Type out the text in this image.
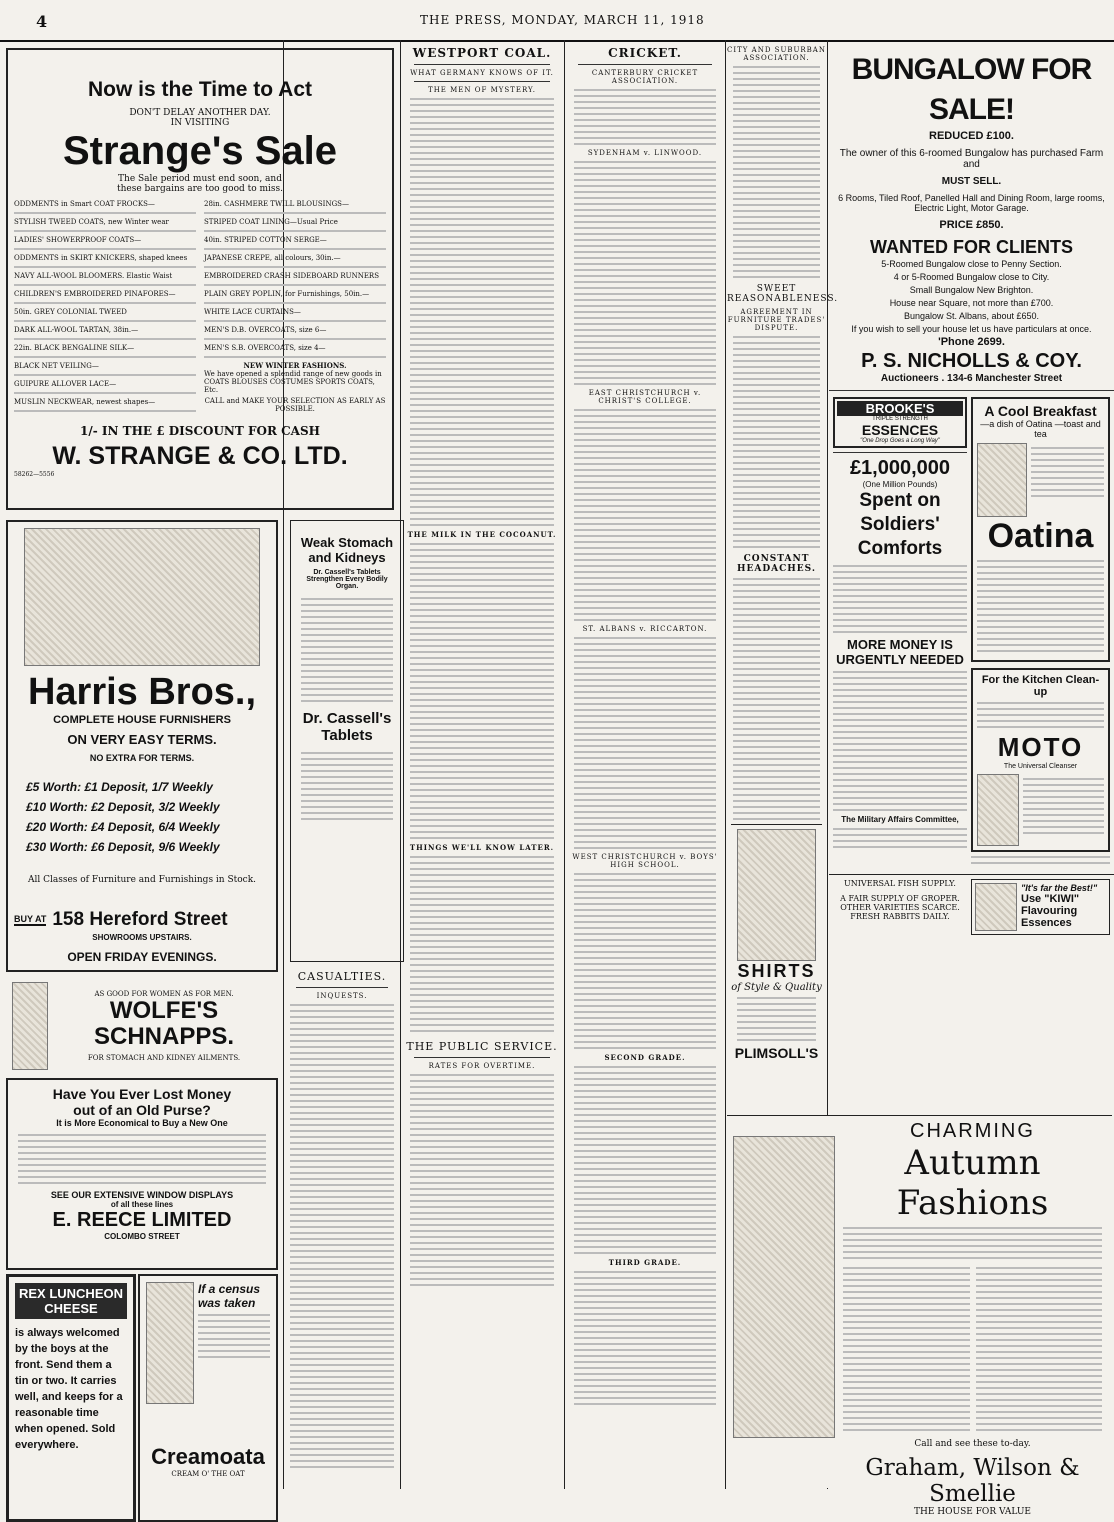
4	THE PRESS, MONDAY, MARCH 11, 1918
Now is the Time to Act
DON'T DELAY ANOTHER DAY.
IN VISITING
Strange's Sale
The Sale period must end soon, and
these bargains are too good to miss.
ODDMENTS in Smart COAT FROCKS—
STYLISH TWEED COATS, new Winter wear
LADIES' SHOWERPROOF COATS—
ODDMENTS in SKIRT KNICKERS, shaped knees
NAVY ALL-WOOL BLOOMERS. Elastic Waist
CHILDREN'S EMBROIDERED PINAFORES—
50in. GREY COLONIAL TWEED
DARK ALL-WOOL TARTAN, 38in.—
22in. BLACK BENGALINE SILK—
BLACK NET VEILING—
GUIPURE ALLOVER LACE—
MUSLIN NECKWEAR, newest shapes—
28in. CASHMERE TWILL BLOUSINGS—
STRIPED COAT LINING—Usual Price
40in. STRIPED COTTON SERGE—
JAPANESE CREPE, all colours, 30in.—
EMBROIDERED CRASH SIDEBOARD RUNNERS
PLAIN GREY POPLIN, for Furnishings, 50in.—
WHITE LACE CURTAINS—
MEN'S D.B. OVERCOATS, size 6—
MEN'S S.B. OVERCOATS, size 4—
NEW WINTER FASHIONS.
We have opened a splendid range of new goods in COATS BLOUSES COSTUMES SPORTS COATS, Etc.
CALL and MAKE YOUR SELECTION AS EARLY AS POSSIBLE.
1/- IN THE £ DISCOUNT FOR CASH
W. STRANGE & CO. LTD.
58262—5556
Harris Bros.,
COMPLETE HOUSE FURNISHERS
ON VERY EASY TERMS.
NO EXTRA FOR TERMS.
£5 Worth: £1 Deposit, 1/7 Weekly
£10 Worth: £2 Deposit, 3/2 Weekly
£20 Worth: £4 Deposit, 6/4 Weekly
£30 Worth: £6 Deposit, 9/6 Weekly
All Classes of Furniture and Furnishings in Stock.
BUY AT 158 Hereford Street
SHOWROOMS UPSTAIRS.
OPEN FRIDAY EVENINGS.
Weak Stomach
and Kidneys
Dr. Cassell's Tablets Strengthen Every Bodily Organ.
Dr. Cassell's
Tablets
AS GOOD FOR WOMEN AS FOR MEN.
WOLFE'S
SCHNAPPS.
FOR STOMACH AND KIDNEY AILMENTS.
Have You Ever Lost Money
out of an Old Purse?
It is More Economical to Buy a New One
SEE OUR EXTENSIVE WINDOW DISPLAYS
of all these lines
E. REECE LIMITED
COLOMBO STREET
REX LUNCHEON CHEESE
is always welcomed by the boys at the front. Send them a tin or two. It carries well, and keeps for a reasonable time when opened. Sold everywhere.
If a census was taken
Creamoata
CREAM O' THE OAT
CASUALTIES.
INQUESTS.
WESTPORT COAL.
WHAT GERMANY KNOWS OF IT.
THE MEN OF MYSTERY.
THE MILK IN THE COCOANUT.
THINGS WE'LL KNOW LATER.
THE PUBLIC SERVICE.
RATES FOR OVERTIME.
CRICKET.
CANTERBURY CRICKET ASSOCIATION.
SYDENHAM v. LINWOOD.
EAST CHRISTCHURCH v. CHRIST'S COLLEGE.
ST. ALBANS v. RICCARTON.
WEST CHRISTCHURCH v. BOYS' HIGH SCHOOL.
SECOND GRADE.
THIRD GRADE.
CITY AND SUBURBAN ASSOCIATION.
SWEET REASONABLENESS.
AGREEMENT IN FURNITURE TRADES' DISPUTE.
CONSTANT HEADACHES.
SHIRTS
of Style & Quality
PLIMSOLL'S
BUNGALOW FOR SALE!
REDUCED £100.
The owner of this 6-roomed Bungalow has purchased Farm and
MUST SELL.
6 Rooms, Tiled Roof, Panelled Hall and Dining Room, large rooms, Electric Light, Motor Garage.
PRICE £850.
WANTED FOR CLIENTS
5-Roomed Bungalow close to Penny Section.
4 or 5-Roomed Bungalow close to City.
Small Bungalow New Brighton.
House near Square, not more than £700.
Bungalow St. Albans, about £650.
If you wish to sell your house let us have particulars at once.
'Phone 2699.
P. S. NICHOLLS & COY.
Auctioneers . 134-6 Manchester Street
BROOKE'S
TRIPLE STRENGTH
ESSENCES
"One Drop Goes a Long Way"
£1,000,000
(One Million Pounds)
Spent on
Soldiers'
Comforts
MORE MONEY IS
URGENTLY NEEDED
The Military Affairs Committee,
A Cool Breakfast
—a dish of Oatina —toast and tea
Oatina
For the Kitchen Clean-up
MOTO
The Universal Cleanser
UNIVERSAL FISH SUPPLY.
A FAIR SUPPLY OF GROPER.
OTHER VARIETIES SCARCE.
FRESH RABBITS DAILY.
"It's far the Best!"
Use "KIWI"
Flavouring Essences
CHARMING
Autumn Fashions
Call and see these to-day.
Graham, Wilson & Smellie
THE HOUSE FOR VALUE
